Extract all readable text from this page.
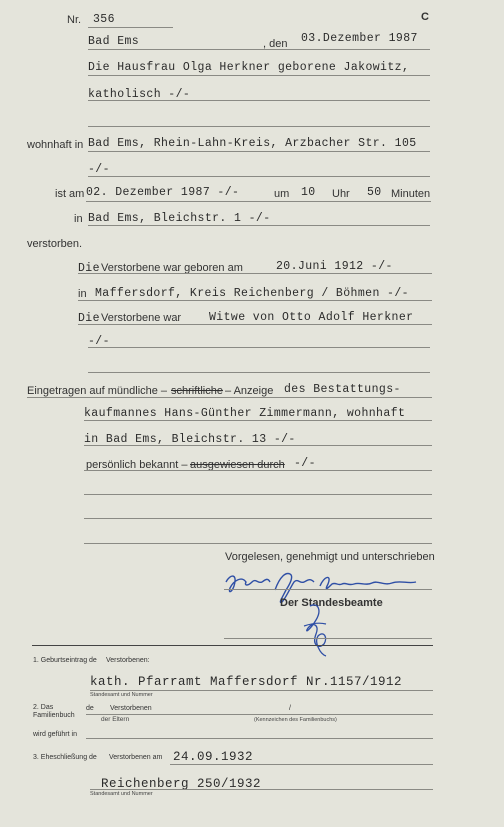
Nr. 356	C
Bad Ems	, den 03.Dezember 1987
Die Hausfrau Olga Herkner geborene Jakowitz,
katholisch -/-
wohnhaft in Bad Ems, Rhein-Lahn-Kreis, Arzbacher Str. 105
-/-
ist am 02. Dezember 1987 -/-	um 10 Uhr 50 Minuten
in Bad Ems, Bleichstr. 1 -/-
verstorben.
Die Verstorbene war geboren am	20.Juni 1912 -/-
in Maffersdorf, Kreis Reichenberg / Böhmen -/-
Die Verstorbene war Witwe von Otto Adolf Herkner
-/-
Eingetragen auf mündliche – schriftliche – Anzeige des Bestattungs-
kaufmannes Hans-Günther Zimmermann, wohnhaft
in Bad Ems, Bleichstr. 13 -/-
persönlich bekannt – ausgewiesen durch -/-
Vorgelesen, genehmigt und unterschrieben
Der Standesbeamte
1. Geburtseintrag de Verstorbenen:
kath. Pfarramt Maffersdorf Nr.1157/1912
Standesamt und Nummer
2. Das Familienbuch
de Verstorbenen	/
der Eltern	(Kennzeichen des Familienbuchs)
wird geführt in
3. Eheschließung de Verstorbenen am 24.09.1932
Reichenberg 250/1932
Standesamt und Nummer
